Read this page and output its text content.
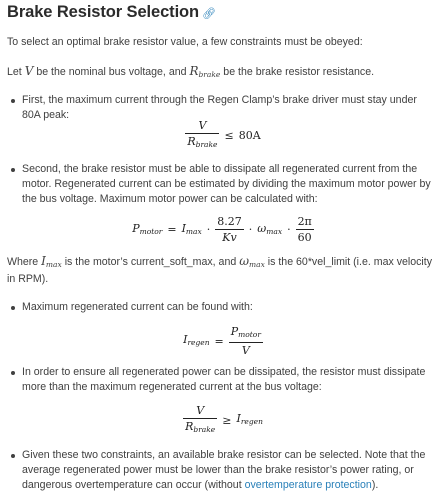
Brake Resistor Selection 🔗︎

To select an optimal brake resistor value, a few constraints must be obeyed:

Let V be the nominal bus voltage, and $R_{brake}$ be the brake resistor resistance.

First, the maximum current through the Regen Clamp’s brake driver must stay under 80A peak:

$\frac{V}{R_{brake}} \le 80A$

Second, the brake resistor must be able to dissipate all regenerated current from the motor. Regenerated current can be estimated by dividing the maximum motor power by the bus voltage. Maximum motor power can be calculated with:

$P_{motor} = I_{max} \cdot \frac{8.27}{Kv} \cdot \omega_{max} \cdot \frac{2\pi}{60}$

Where $I_{max}$ is the motor’s current_soft_max, and $\omega_{max}$ is the 60*vel_limit (i.e. max velocity in RPM).

Maximum regenerated current can be found with:

$I_{regen} = \frac{P_{motor}}{V}$

In order to ensure all regenerated power can be dissipated, the resistor must dissipate more than the maximum regenerated current at the bus voltage:

$\frac{V}{R_{brake}} \ge I_{regen}$

Given these two constraints, an available brake resistor can be selected. Note that the average regenerated power must be lower than the brake resistor’s power rating, or dangerous overtemperature can occur (without overtemperature protection).
